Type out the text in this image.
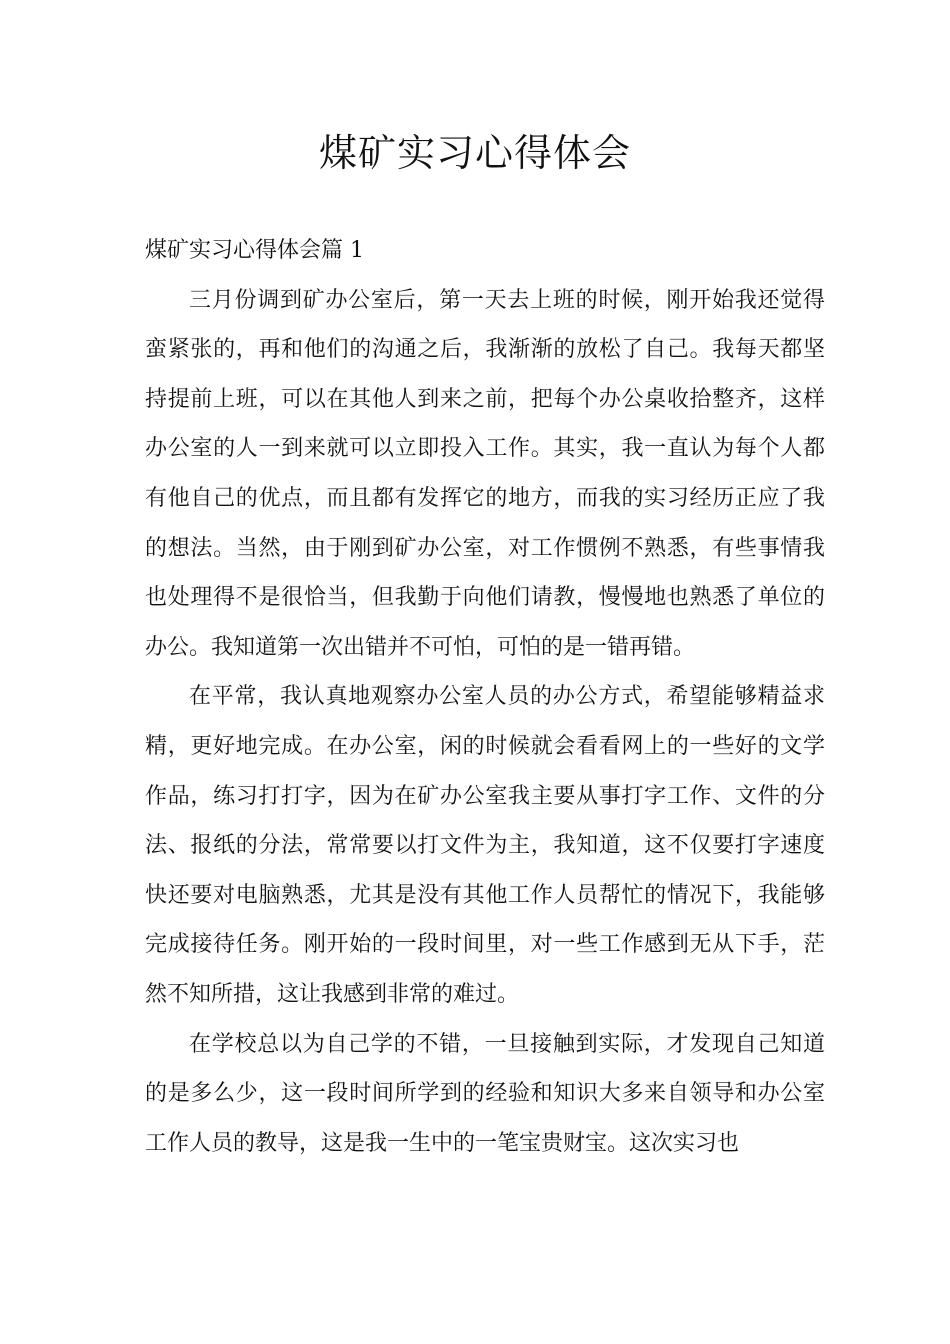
煤矿实习心得体会
煤矿实习心得体会篇 1

三月份调到矿办公室后，第一天去上班的时候，刚开始我还觉得蛮紧张的，再和他们的沟通之后，我渐渐的放松了自己。我每天都坚持提前上班，可以在其他人到来之前，把每个办公桌收拾整齐，这样办公室的人一到来就可以立即投入工作。其实，我一直认为每个人都有他自己的优点，而且都有发挥它的地方，而我的实习经历正应了我的想法。当然，由于刚到矿办公室，对工作惯例不熟悉，有些事情我也处理得不是很恰当，但我勤于向他们请教，慢慢地也熟悉了单位的办公。我知道第一次出错并不可怕，可怕的是一错再错。

在平常，我认真地观察办公室人员的办公方式，希望能够精益求精，更好地完成。在办公室，闲的时候就会看看网上的一些好的文学作品，练习打打字，因为在矿办公室我主要从事打字工作、文件的分法、报纸的分法，常常要以打文件为主，我知道，这不仅要打字速度快还要对电脑熟悉，尤其是没有其他工作人员帮忙的情况下，我能够完成接待任务。刚开始的一段时间里，对一些工作感到无从下手，茫然不知所措，这让我感到非常的难过。

在学校总以为自己学的不错，一旦接触到实际，才发现自己知道的是多么少，这一段时间所学到的经验和知识大多来自领导和办公室工作人员的教导，这是我一生中的一笔宝贵财宝。这次实习也
